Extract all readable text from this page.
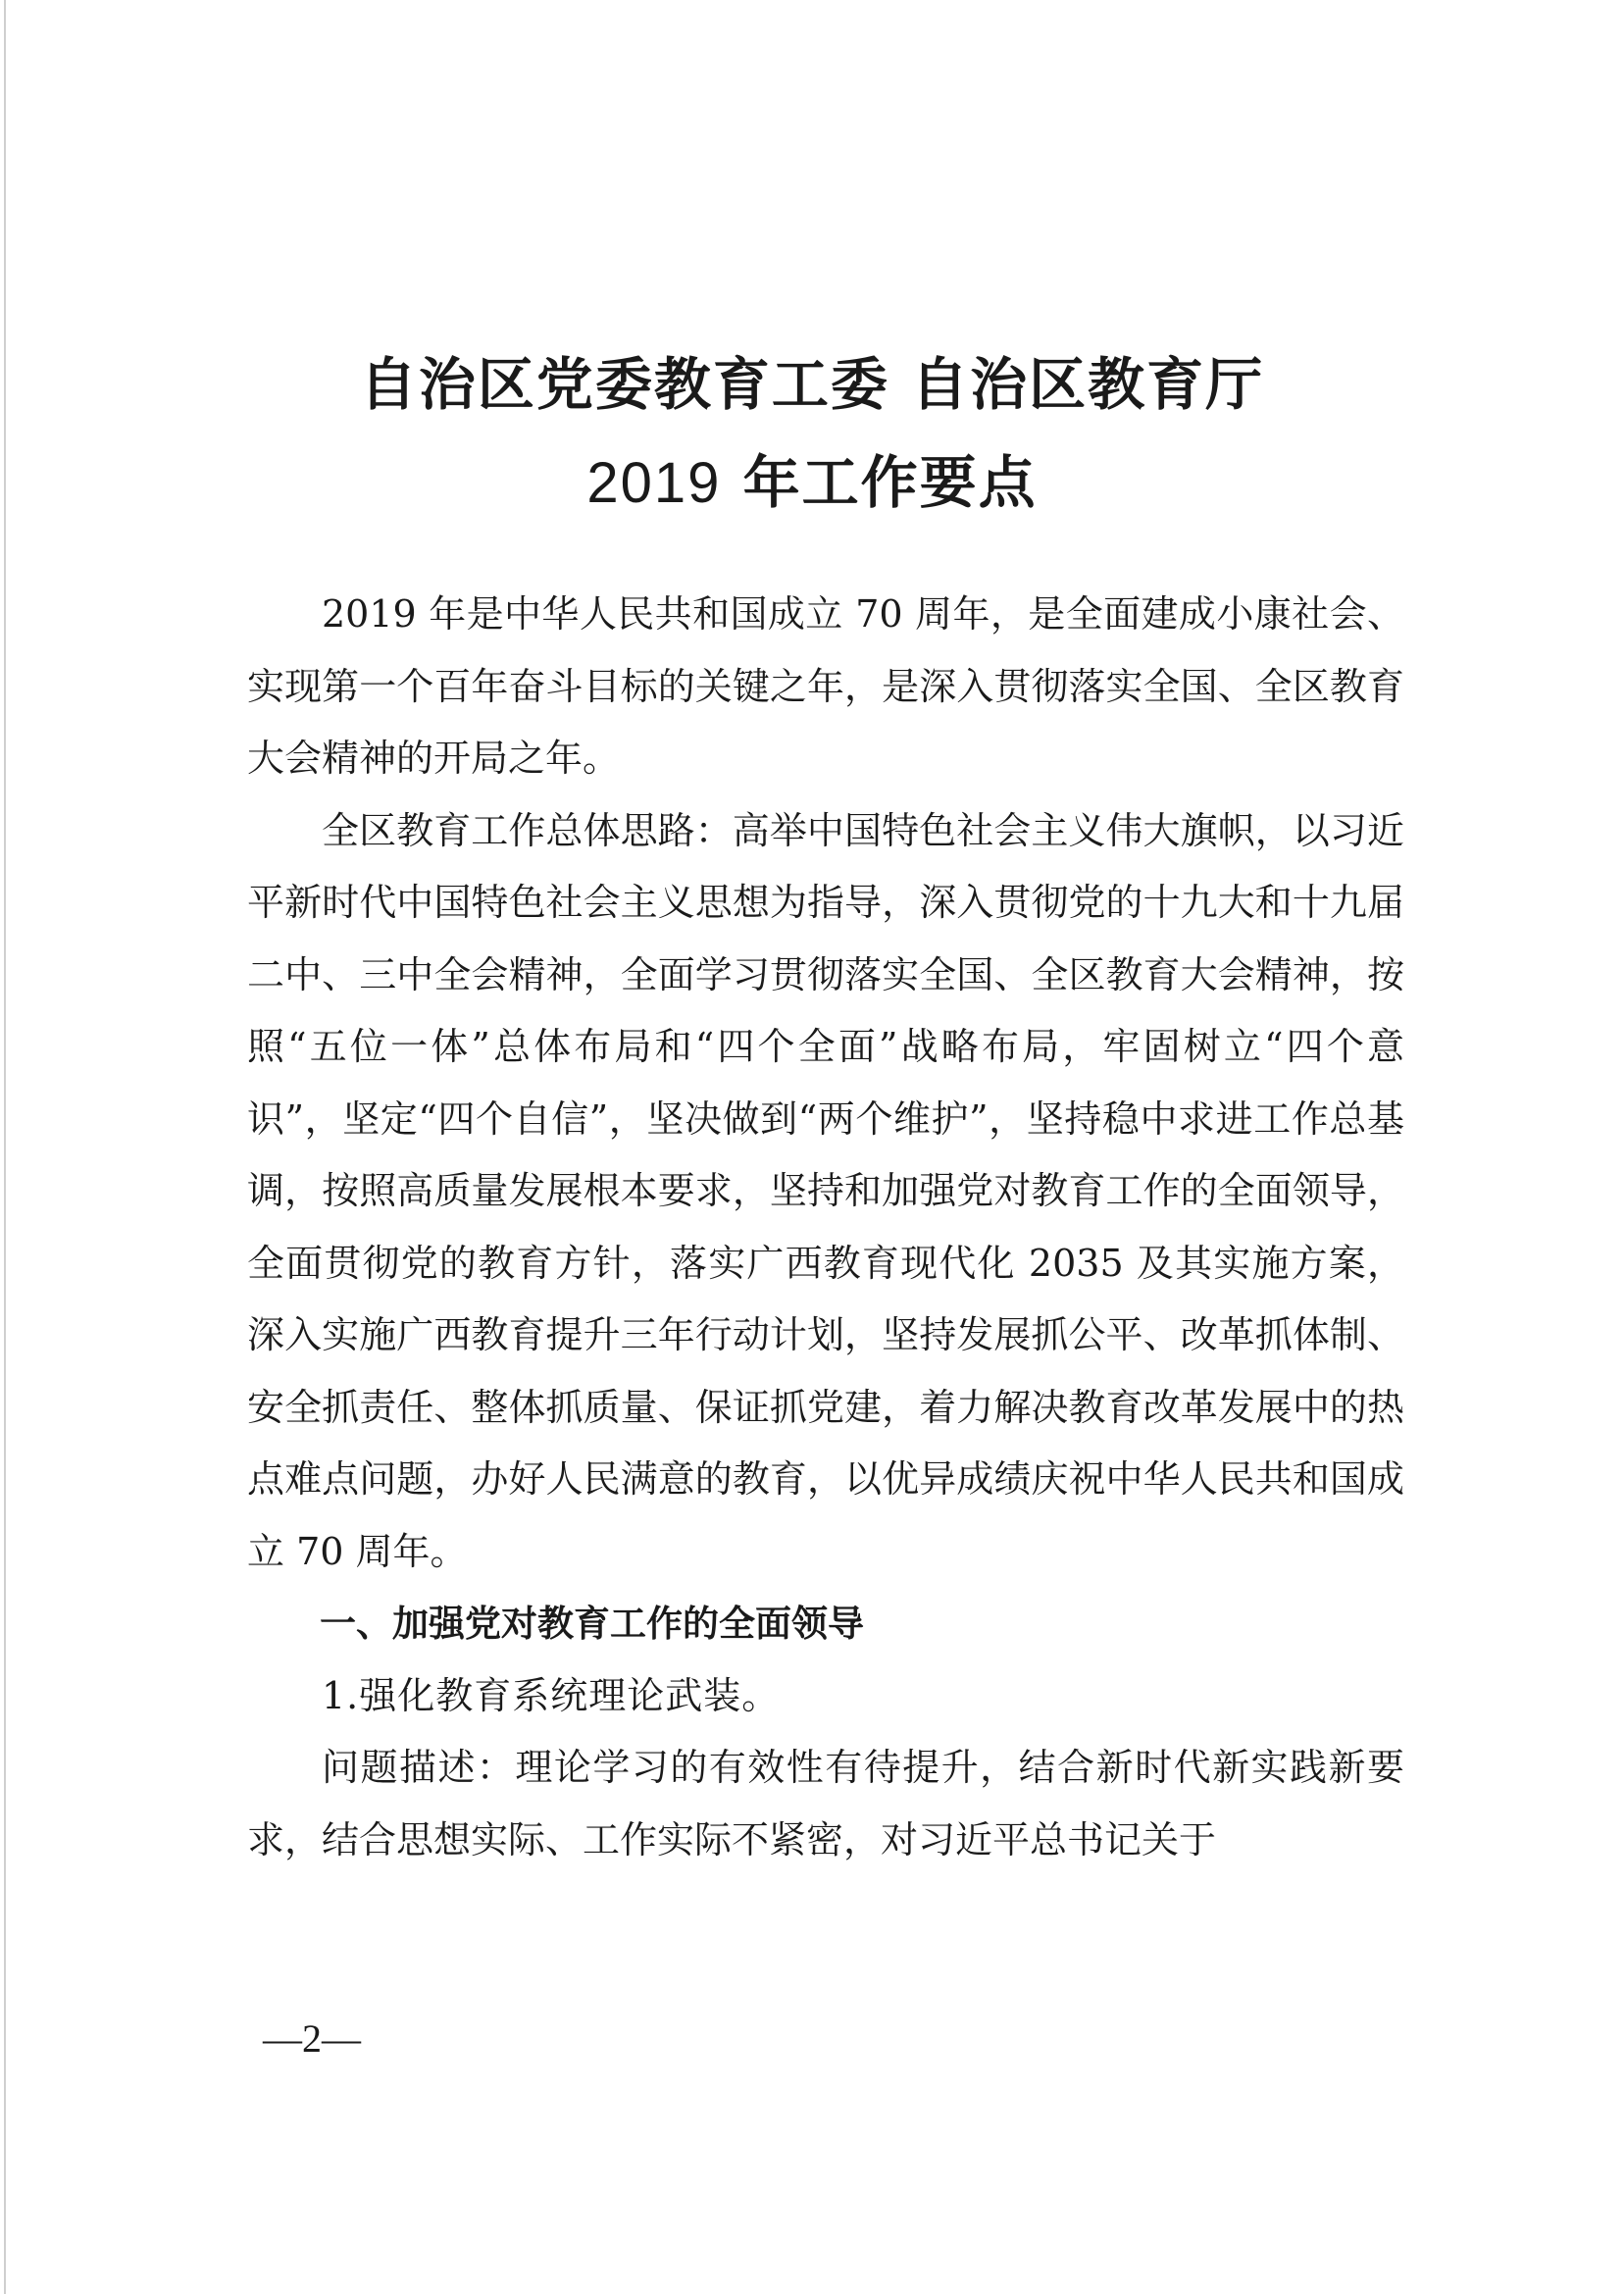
自治区党委教育工委 自治区教育厅
2019 年工作要点

2019 年是中华人民共和国成立 70 周年，是全面建成小康社会、实现第一个百年奋斗目标的关键之年，是深入贯彻落实全国、全区教育大会精神的开局之年。

全区教育工作总体思路：高举中国特色社会主义伟大旗帜，以习近平新时代中国特色社会主义思想为指导，深入贯彻党的十九大和十九届二中、三中全会精神，全面学习贯彻落实全国、全区教育大会精神，按照“五位一体”总体布局和“四个全面”战略布局，牢固树立“四个意识”，坚定“四个自信”，坚决做到“两个维护”，坚持稳中求进工作总基调，按照高质量发展根本要求，坚持和加强党对教育工作的全面领导，全面贯彻党的教育方针，落实广西教育现代化 2035 及其实施方案，深入实施广西教育提升三年行动计划，坚持发展抓公平、改革抓体制、安全抓责任、整体抓质量、保证抓党建，着力解决教育改革发展中的热点难点问题，办好人民满意的教育，以优异成绩庆祝中华人民共和国成立 70 周年。

一、加强党对教育工作的全面领导
1.强化教育系统理论武装。

问题描述：理论学习的有效性有待提升，结合新时代新实践新要求，结合思想实际、工作实际不紧密，对习近平总书记关于

—2—
